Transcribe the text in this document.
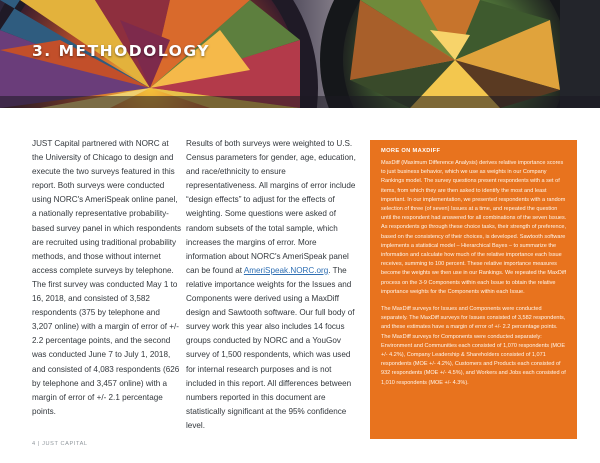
3. METHODOLOGY

JUST Capital partnered with NORC at the University of Chicago to design and execute the two surveys featured in this report. Both surveys were conducted using NORC's AmeriSpeak online panel, a nationally representative probability-based survey panel in which respondents are recruited using traditional probability methods, and those without internet access complete surveys by telephone. The first survey was conducted May 1 to 16, 2018, and consisted of 3,582 respondents (375 by telephone and 3,207 online) with a margin of error of +/- 2.2 percentage points, and the second was conducted June 7 to July 1, 2018, and consisted of 4,083 respondents (626 by telephone and 3,457 online) with a margin of error of +/- 2.1 percentage points.

Results of both surveys were weighted to U.S. Census parameters for gender, age, education, and race/ethnicity to ensure representativeness. All margins of error include “design effects” to adjust for the effects of weighting. Some questions were asked of random subsets of the total sample, which increases the margins of error. More information about NORC's AmeriSpeak panel can be found at AmeriSpeak.NORC.org. The relative importance weights for the Issues and Components were derived using a MaxDiff design and Sawtooth software. Our full body of survey work this year also includes 14 focus groups conducted by NORC and a YouGov survey of 1,500 respondents, which was used for internal research purposes and is not included in this report. All differences between numbers reported in this document are statistically significant at the 95% confidence level.

MORE ON MAXDIFF

MaxDiff (Maximum Difference Analysis) derives relative importance scores to just business behavior, which we use as weights in our Company Rankings model. The survey questions present respondents with a set of items, from which they are then asked to identify the most and least important. In our implementation, we presented respondents with a random selection of three (of seven) Issues at a time, and repeated the question until the respondent had answered for all combinations of the seven Issues. As respondents go through these choice tasks, their strength of preference, based on the consistency of their choices, is developed. Sawtooth software implements a statistical model – Hierarchical Bayes – to summarize the information and calculate how much of the relative importance each Issue receives, summing to 100 percent. These relative importance measures become the weights we then use in our Rankings. We repeated the MaxDiff process on the 3-9 Components within each Issue to obtain the relative importance weights for the Components within each Issue.

The MaxDiff surveys for Issues and Components were conducted separately. The MaxDiff surveys for Issues consisted of 3,582 respondents, and these estimates have a margin of error of +/- 2.2 percentage points. The MaxDiff surveys for Components were conducted separately: Environment and Communities each consisted of 1,070 respondents (MOE +/- 4.2%), Company Leadership & Shareholders consisted of 1,071 respondents (MOE +/- 4.2%), Customers and Products each consisted of 932 respondents (MOE +/- 4.5%), and Workers and Jobs each consisted of 1,010 respondents (MOE +/- 4.3%).

4 | JUST CAPITAL
